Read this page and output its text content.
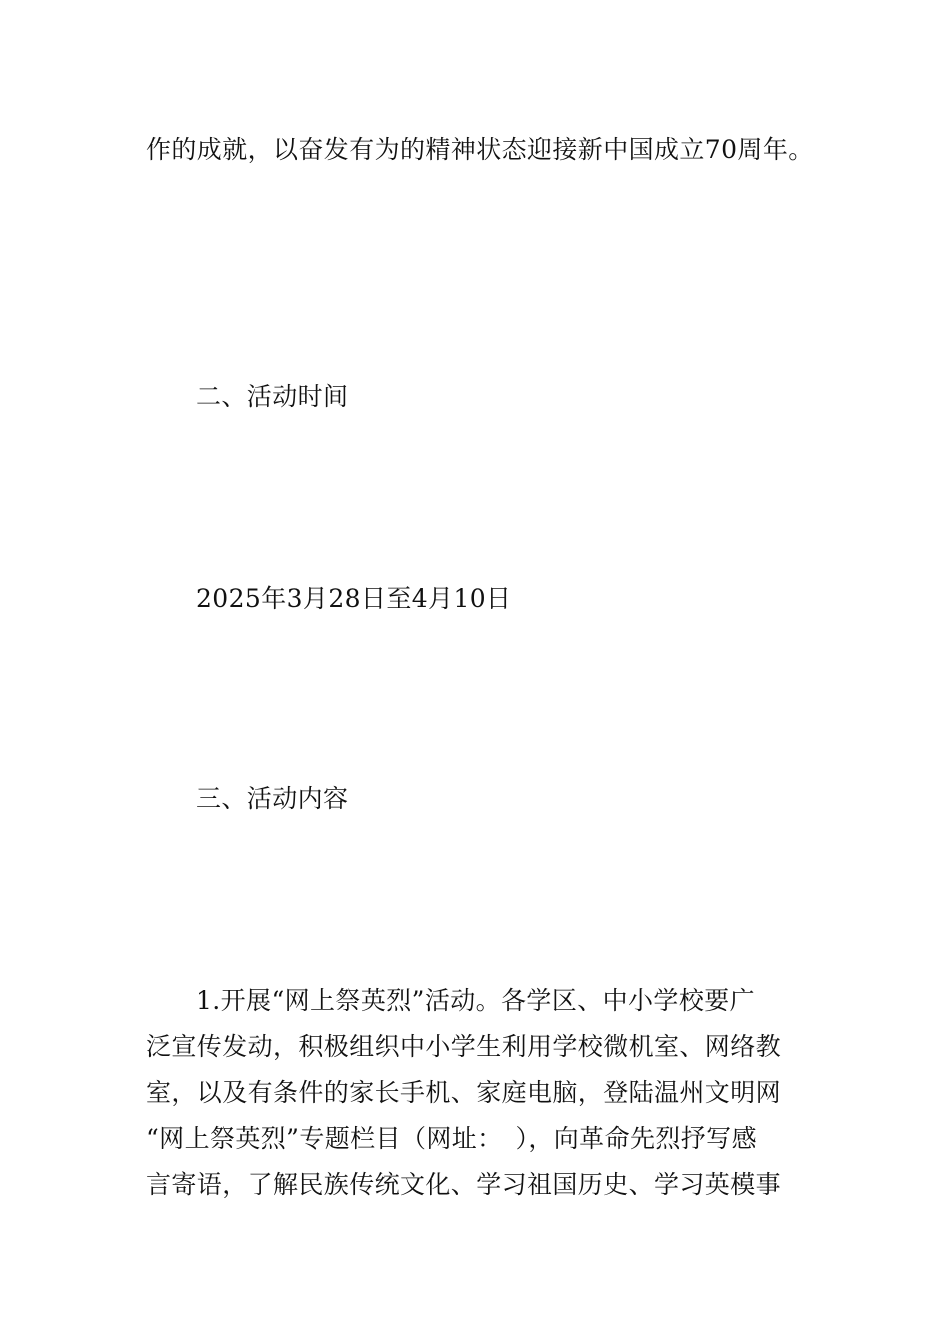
作的成就，以奋发有为的精神状态迎接新中国成立70周年。
二、活动时间
2025年3月28日至4月10日
三、活动内容
1.开展“网上祭英烈”活动。各学区、中小学校要广
泛宣传发动，积极组织中小学生利用学校微机室、网络教
室，以及有条件的家长手机、家庭电脑，登陆温州文明网
“网上祭英烈”专题栏目（网址：　），向革命先烈抒写感
言寄语，了解民族传统文化、学习祖国历史、学习英模事
